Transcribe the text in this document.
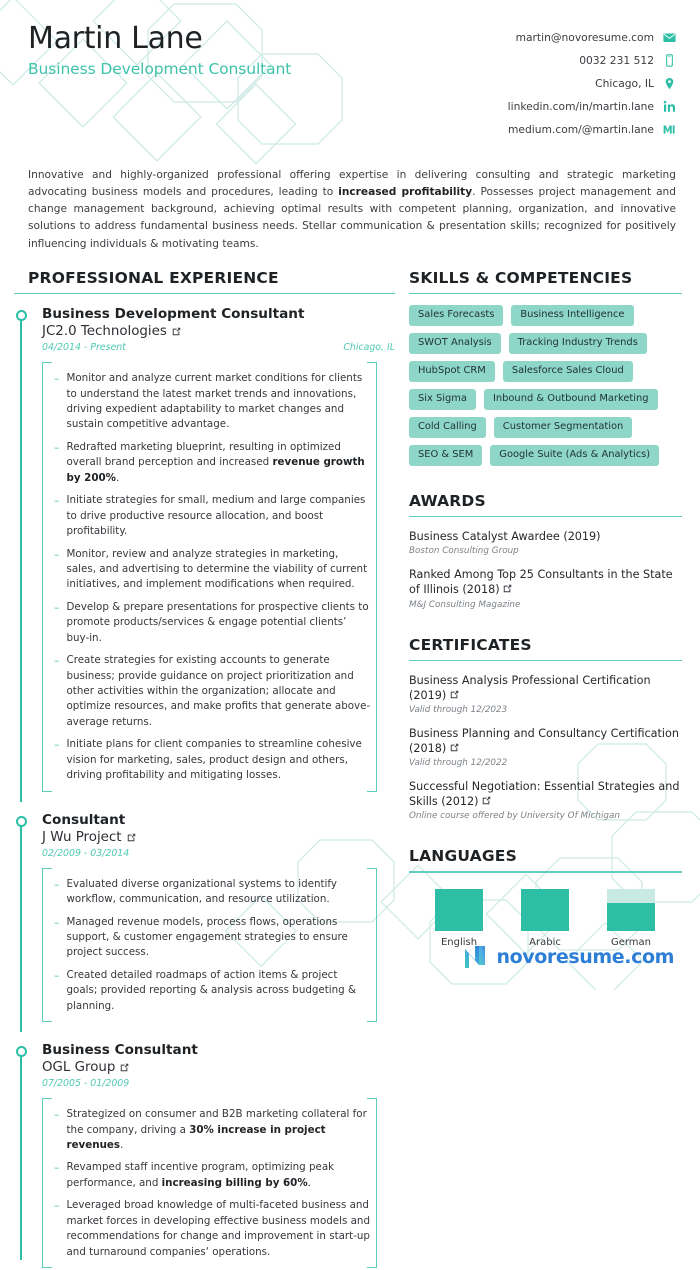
Martin Lane
Business Development Consultant
martin@novoresume.com
0032 231 512
Chicago, IL
linkedin.com/in/martin.lane
medium.com/@martin.lane

Innovative and highly-organized professional offering expertise in delivering consulting and strategic marketing advocating business models and procedures, leading to increased profitability. Possesses project management and change management background, achieving optimal results with competent planning, organization, and innovative solutions to address fundamental business needs. Stellar communication & presentation skills; recognized for positively influencing individuals & motivating teams.

PROFESSIONAL EXPERIENCE
Business Development Consultant
JC2.0 Technologies
04/2014 - Present	Chicago, IL
– Monitor and analyze current market conditions for clients to understand the latest market trends and innovations, driving expedient adaptability to market changes and sustain competitive advantage.
– Redrafted marketing blueprint, resulting in optimized overall brand perception and increased revenue growth by 200%.
– Initiate strategies for small, medium and large companies to drive productive resource allocation, and boost profitability.
– Monitor, review and analyze strategies in marketing, sales, and advertising to determine the viability of current initiatives, and implement modifications when required.
– Develop & prepare presentations for prospective clients to promote products/services & engage potential clients’ buy-in.
– Create strategies for existing accounts to generate business; provide guidance on project prioritization and other activities within the organization; allocate and optimize resources, and make profits that generate above-average returns.
– Initiate plans for client companies to streamline cohesive vision for marketing, sales, product design and others, driving profitability and mitigating losses.
Consultant
J Wu Project
02/2009 - 03/2014
– Evaluated diverse organizational systems to identify workflow, communication, and resource utilization.
– Managed revenue models, process flows, operations support, & customer engagement strategies to ensure project success.
– Created detailed roadmaps of action items & project goals; provided reporting & analysis across budgeting & planning.
Business Consultant
OGL Group
07/2005 - 01/2009
– Strategized on consumer and B2B marketing collateral for the company, driving a 30% increase in project revenues.
– Revamped staff incentive program, optimizing peak performance, and increasing billing by 60%.
– Leveraged broad knowledge of multi-faceted business and market forces in developing effective business models and recommendations for change and improvement in start-up and turnaround companies‘ operations.
SKILLS & COMPETENCIES
Sales Forecasts	Business Intelligence
SWOT Analysis	Tracking Industry Trends
HubSpot CRM	Salesforce Sales Cloud
Six Sigma	Inbound & Outbound Marketing
Cold Calling	Customer Segmentation
SEO & SEM	Google Suite (Ads & Analytics)
AWARDS
Business Catalyst Awardee (2019)
Boston Consulting Group
Ranked Among Top 25 Consultants in the State of Illinois (2018)
M&J Consulting Magazine
CERTIFICATES
Business Analysis Professional Certification (2019)
Valid through 12/2023
Business Planning and Consultancy Certification (2018)
Valid through 12/2022
Successful Negotiation: Essential Strategies and Skills (2012)
Online course offered by University Of Michigan
LANGUAGES
English	Arabic	German
novoresume.com
